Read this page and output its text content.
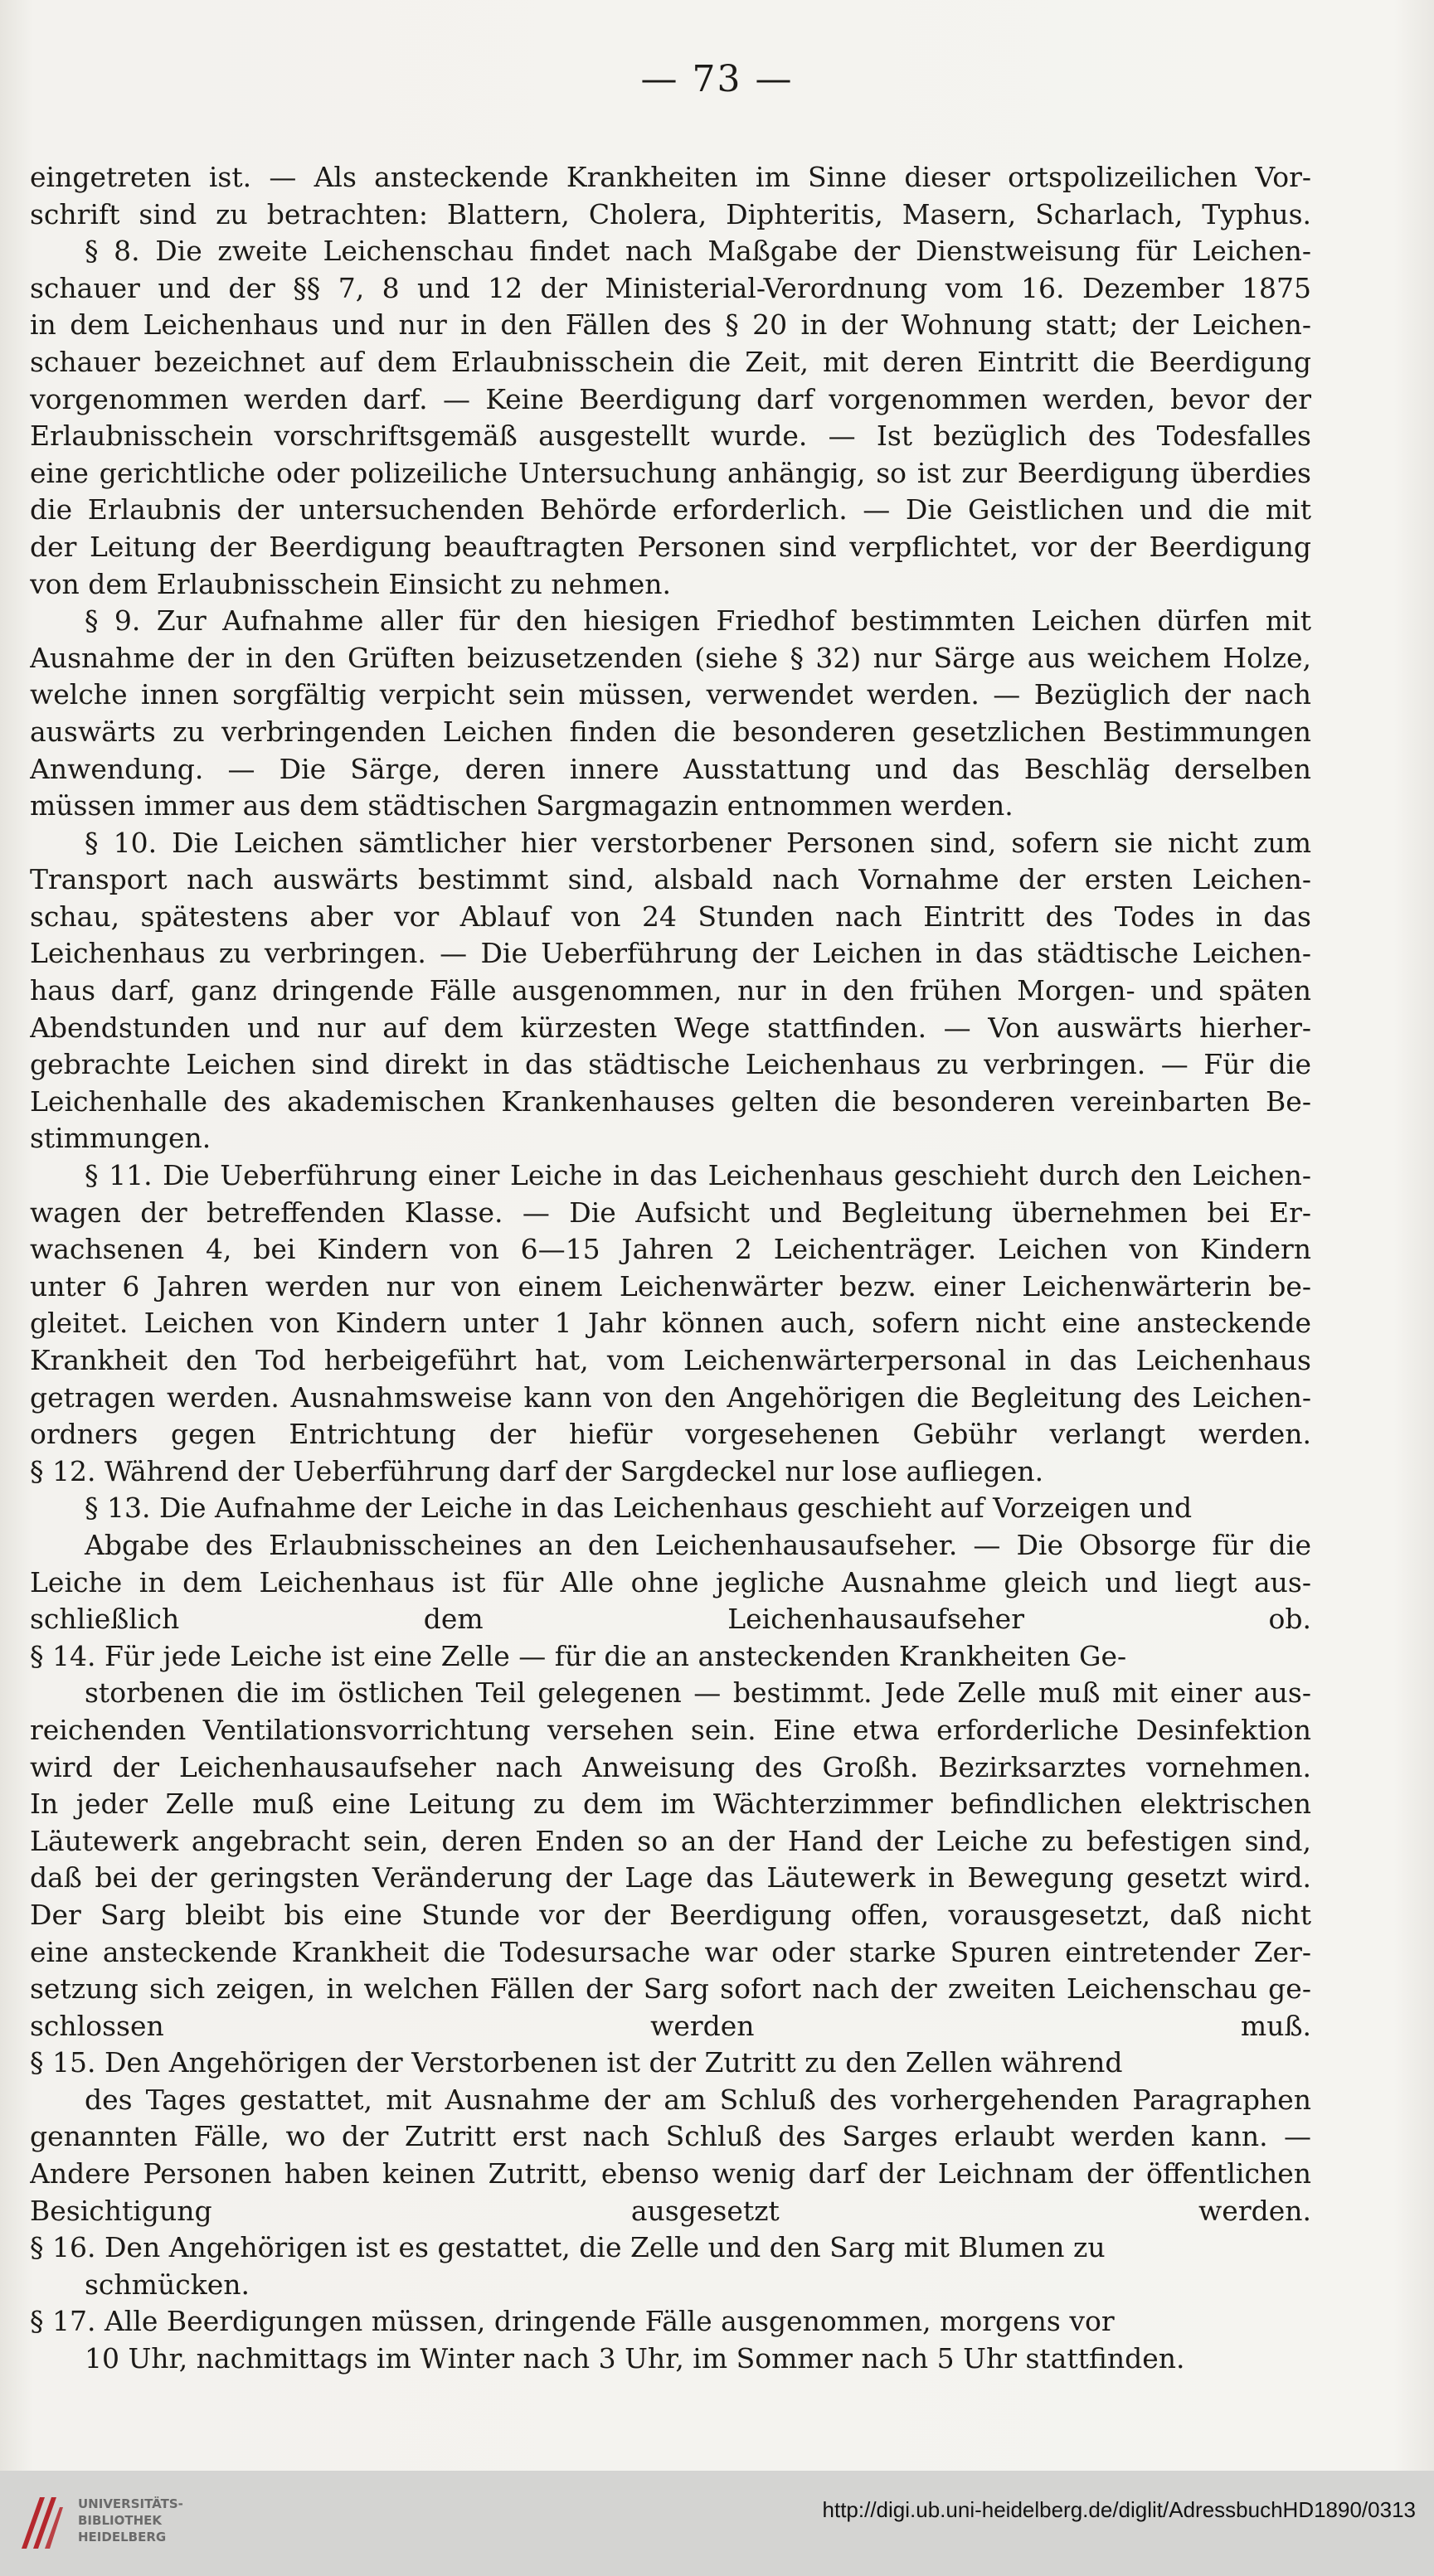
— 73 —
eingetreten ist. — Als ansteckende Krankheiten im Sinne dieser ortspolizeilichen Vor-
schrift sind zu betrachten: Blattern, Cholera, Diphteritis, Masern, Scharlach, Typhus.
§ 8. Die zweite Leichenschau findet nach Maßgabe der Dienstweisung für Leichen-
schauer und der §§ 7, 8 und 12 der Ministerial-Verordnung vom 16. Dezember 1875
in dem Leichenhaus und nur in den Fällen des § 20 in der Wohnung statt; der Leichen-
schauer bezeichnet auf dem Erlaubnisschein die Zeit, mit deren Eintritt die Beerdigung
vorgenommen werden darf. — Keine Beerdigung darf vorgenommen werden, bevor der
Erlaubnisschein vorschriftsgemäß ausgestellt wurde. — Ist bezüglich des Todesfalles
eine gerichtliche oder polizeiliche Untersuchung anhängig, so ist zur Beerdigung überdies
die Erlaubnis der untersuchenden Behörde erforderlich. — Die Geistlichen und die mit
der Leitung der Beerdigung beauftragten Personen sind verpflichtet, vor der Beerdigung
von dem Erlaubnisschein Einsicht zu nehmen.
§ 9. Zur Aufnahme aller für den hiesigen Friedhof bestimmten Leichen dürfen mit
Ausnahme der in den Grüften beizusetzenden (siehe § 32) nur Särge aus weichem Holze,
welche innen sorgfältig verpicht sein müssen, verwendet werden. — Bezüglich der nach
auswärts zu verbringenden Leichen finden die besonderen gesetzlichen Bestimmungen
Anwendung. — Die Särge, deren innere Ausstattung und das Beschläg derselben
müssen immer aus dem städtischen Sargmagazin entnommen werden.
§ 10. Die Leichen sämtlicher hier verstorbener Personen sind, sofern sie nicht zum
Transport nach auswärts bestimmt sind, alsbald nach Vornahme der ersten Leichen-
schau, spätestens aber vor Ablauf von 24 Stunden nach Eintritt des Todes in das
Leichenhaus zu verbringen. — Die Ueberführung der Leichen in das städtische Leichen-
haus darf, ganz dringende Fälle ausgenommen, nur in den frühen Morgen- und späten
Abendstunden und nur auf dem kürzesten Wege stattfinden. — Von auswärts hierher-
gebrachte Leichen sind direkt in das städtische Leichenhaus zu verbringen. — Für die
Leichenhalle des akademischen Krankenhauses gelten die besonderen vereinbarten Be-
stimmungen.
§ 11. Die Ueberführung einer Leiche in das Leichenhaus geschieht durch den Leichen-
wagen der betreffenden Klasse. — Die Aufsicht und Begleitung übernehmen bei Er-
wachsenen 4, bei Kindern von 6—15 Jahren 2 Leichenträger. Leichen von Kindern
unter 6 Jahren werden nur von einem Leichenwärter bezw. einer Leichenwärterin be-
gleitet. Leichen von Kindern unter 1 Jahr können auch, sofern nicht eine ansteckende
Krankheit den Tod herbeigeführt hat, vom Leichenwärterpersonal in das Leichenhaus
getragen werden. Ausnahmsweise kann von den Angehörigen die Begleitung des Leichen-
ordners gegen Entrichtung der hiefür vorgesehenen Gebühr verlangt werden.
§ 12. Während der Ueberführung darf der Sargdeckel nur lose aufliegen.
§ 13. Die Aufnahme der Leiche in das Leichenhaus geschieht auf Vorzeigen und
Abgabe des Erlaubnisscheines an den Leichenhausaufseher. — Die Obsorge für die
Leiche in dem Leichenhaus ist für Alle ohne jegliche Ausnahme gleich und liegt aus-
schließlich dem Leichenhausaufseher ob.
§ 14. Für jede Leiche ist eine Zelle — für die an ansteckenden Krankheiten Ge-
storbenen die im östlichen Teil gelegenen — bestimmt. Jede Zelle muß mit einer aus-
reichenden Ventilationsvorrichtung versehen sein. Eine etwa erforderliche Desinfektion
wird der Leichenhausaufseher nach Anweisung des Großh. Bezirksarztes vornehmen.
In jeder Zelle muß eine Leitung zu dem im Wächterzimmer befindlichen elektrischen
Läutewerk angebracht sein, deren Enden so an der Hand der Leiche zu befestigen sind,
daß bei der geringsten Veränderung der Lage das Läutewerk in Bewegung gesetzt wird.
Der Sarg bleibt bis eine Stunde vor der Beerdigung offen, vorausgesetzt, daß nicht
eine ansteckende Krankheit die Todesursache war oder starke Spuren eintretender Zer-
setzung sich zeigen, in welchen Fällen der Sarg sofort nach der zweiten Leichenschau ge-
schlossen werden muß.
§ 15. Den Angehörigen der Verstorbenen ist der Zutritt zu den Zellen während
des Tages gestattet, mit Ausnahme der am Schluß des vorhergehenden Paragraphen
genannten Fälle, wo der Zutritt erst nach Schluß des Sarges erlaubt werden kann. —
Andere Personen haben keinen Zutritt, ebenso wenig darf der Leichnam der öffentlichen
Besichtigung ausgesetzt werden.
§ 16. Den Angehörigen ist es gestattet, die Zelle und den Sarg mit Blumen zu
schmücken.
§ 17. Alle Beerdigungen müssen, dringende Fälle ausgenommen, morgens vor
10 Uhr, nachmittags im Winter nach 3 Uhr, im Sommer nach 5 Uhr stattfinden.
UNIVERSITÄTS-
BIBLIOTHEK
HEIDELBERG
http://digi.ub.uni-heidelberg.de/diglit/AdressbuchHD1890/0313
